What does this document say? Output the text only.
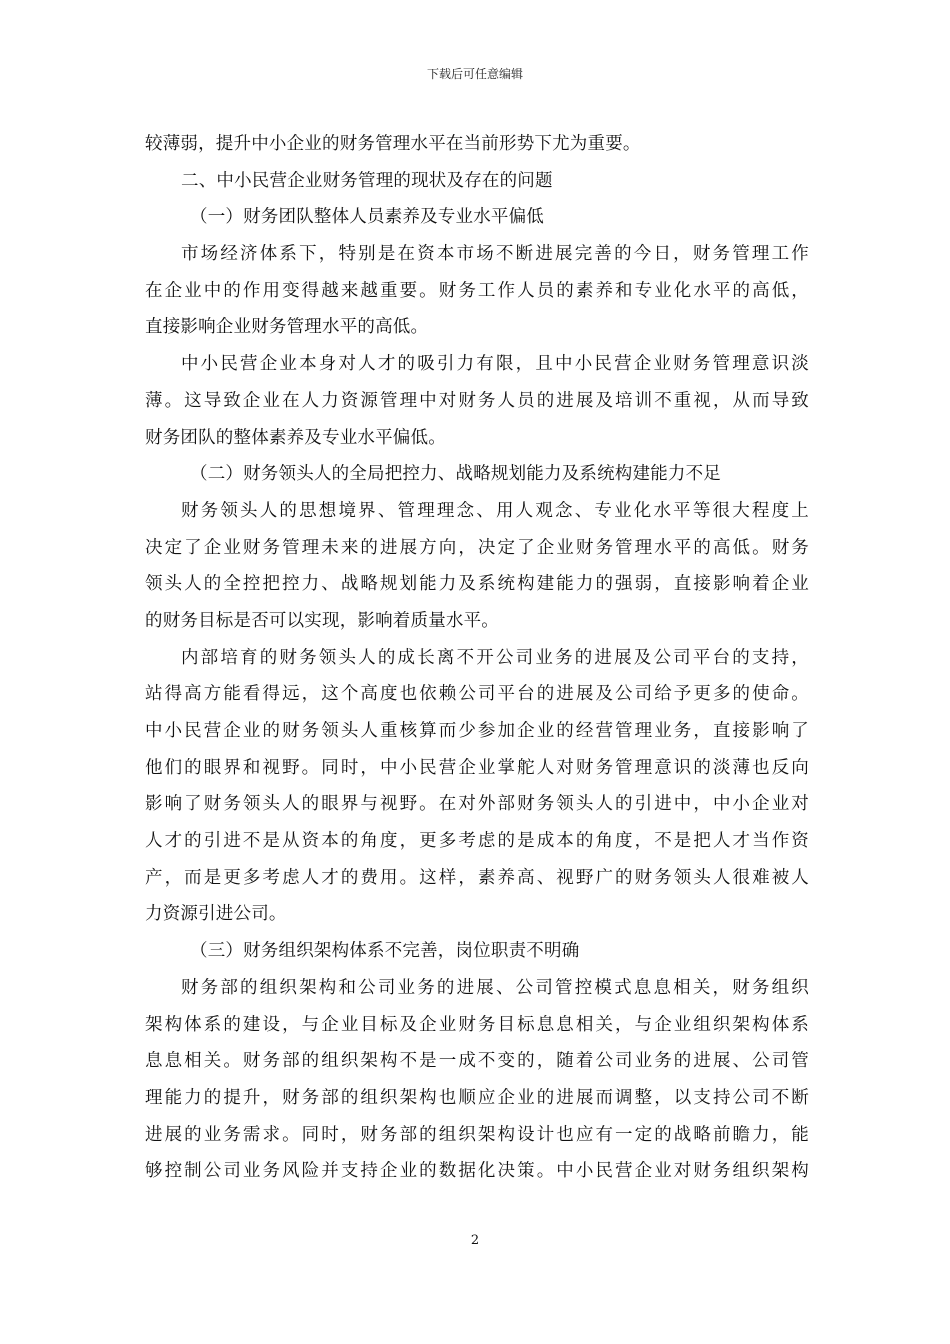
下载后可任意编辑
较薄弱，提升中小企业的财务管理水平在当前形势下尤为重要。
二、中小民营企业财务管理的现状及存在的问题
（一）财务团队整体人员素养及专业水平偏低
市场经济体系下，特别是在资本市场不断进展完善的今日，财务管理工作
在企业中的作用变得越来越重要。财务工作人员的素养和专业化水平的高低，
直接影响企业财务管理水平的高低。
中小民营企业本身对人才的吸引力有限，且中小民营企业财务管理意识淡
薄。这导致企业在人力资源管理中对财务人员的进展及培训不重视，从而导致
财务团队的整体素养及专业水平偏低。
（二）财务领头人的全局把控力、战略规划能力及系统构建能力不足
财务领头人的思想境界、管理理念、用人观念、专业化水平等很大程度上
决定了企业财务管理未来的进展方向，决定了企业财务管理水平的高低。财务
领头人的全控把控力、战略规划能力及系统构建能力的强弱，直接影响着企业
的财务目标是否可以实现，影响着质量水平。
内部培育的财务领头人的成长离不开公司业务的进展及公司平台的支持，
站得高方能看得远，这个高度也依赖公司平台的进展及公司给予更多的使命。
中小民营企业的财务领头人重核算而少参加企业的经营管理业务，直接影响了
他们的眼界和视野。同时，中小民营企业掌舵人对财务管理意识的淡薄也反向
影响了财务领头人的眼界与视野。在对外部财务领头人的引进中，中小企业对
人才的引进不是从资本的角度，更多考虑的是成本的角度，不是把人才当作资
产，而是更多考虑人才的费用。这样，素养高、视野广的财务领头人很难被人
力资源引进公司。
（三）财务组织架构体系不完善，岗位职责不明确
财务部的组织架构和公司业务的进展、公司管控模式息息相关，财务组织
架构体系的建设，与企业目标及企业财务目标息息相关，与企业组织架构体系
息息相关。财务部的组织架构不是一成不变的，随着公司业务的进展、公司管
理能力的提升，财务部的组织架构也顺应企业的进展而调整，以支持公司不断
进展的业务需求。同时，财务部的组织架构设计也应有一定的战略前瞻力，能
够控制公司业务风险并支持企业的数据化决策。中小民营企业对财务组织架构
2
